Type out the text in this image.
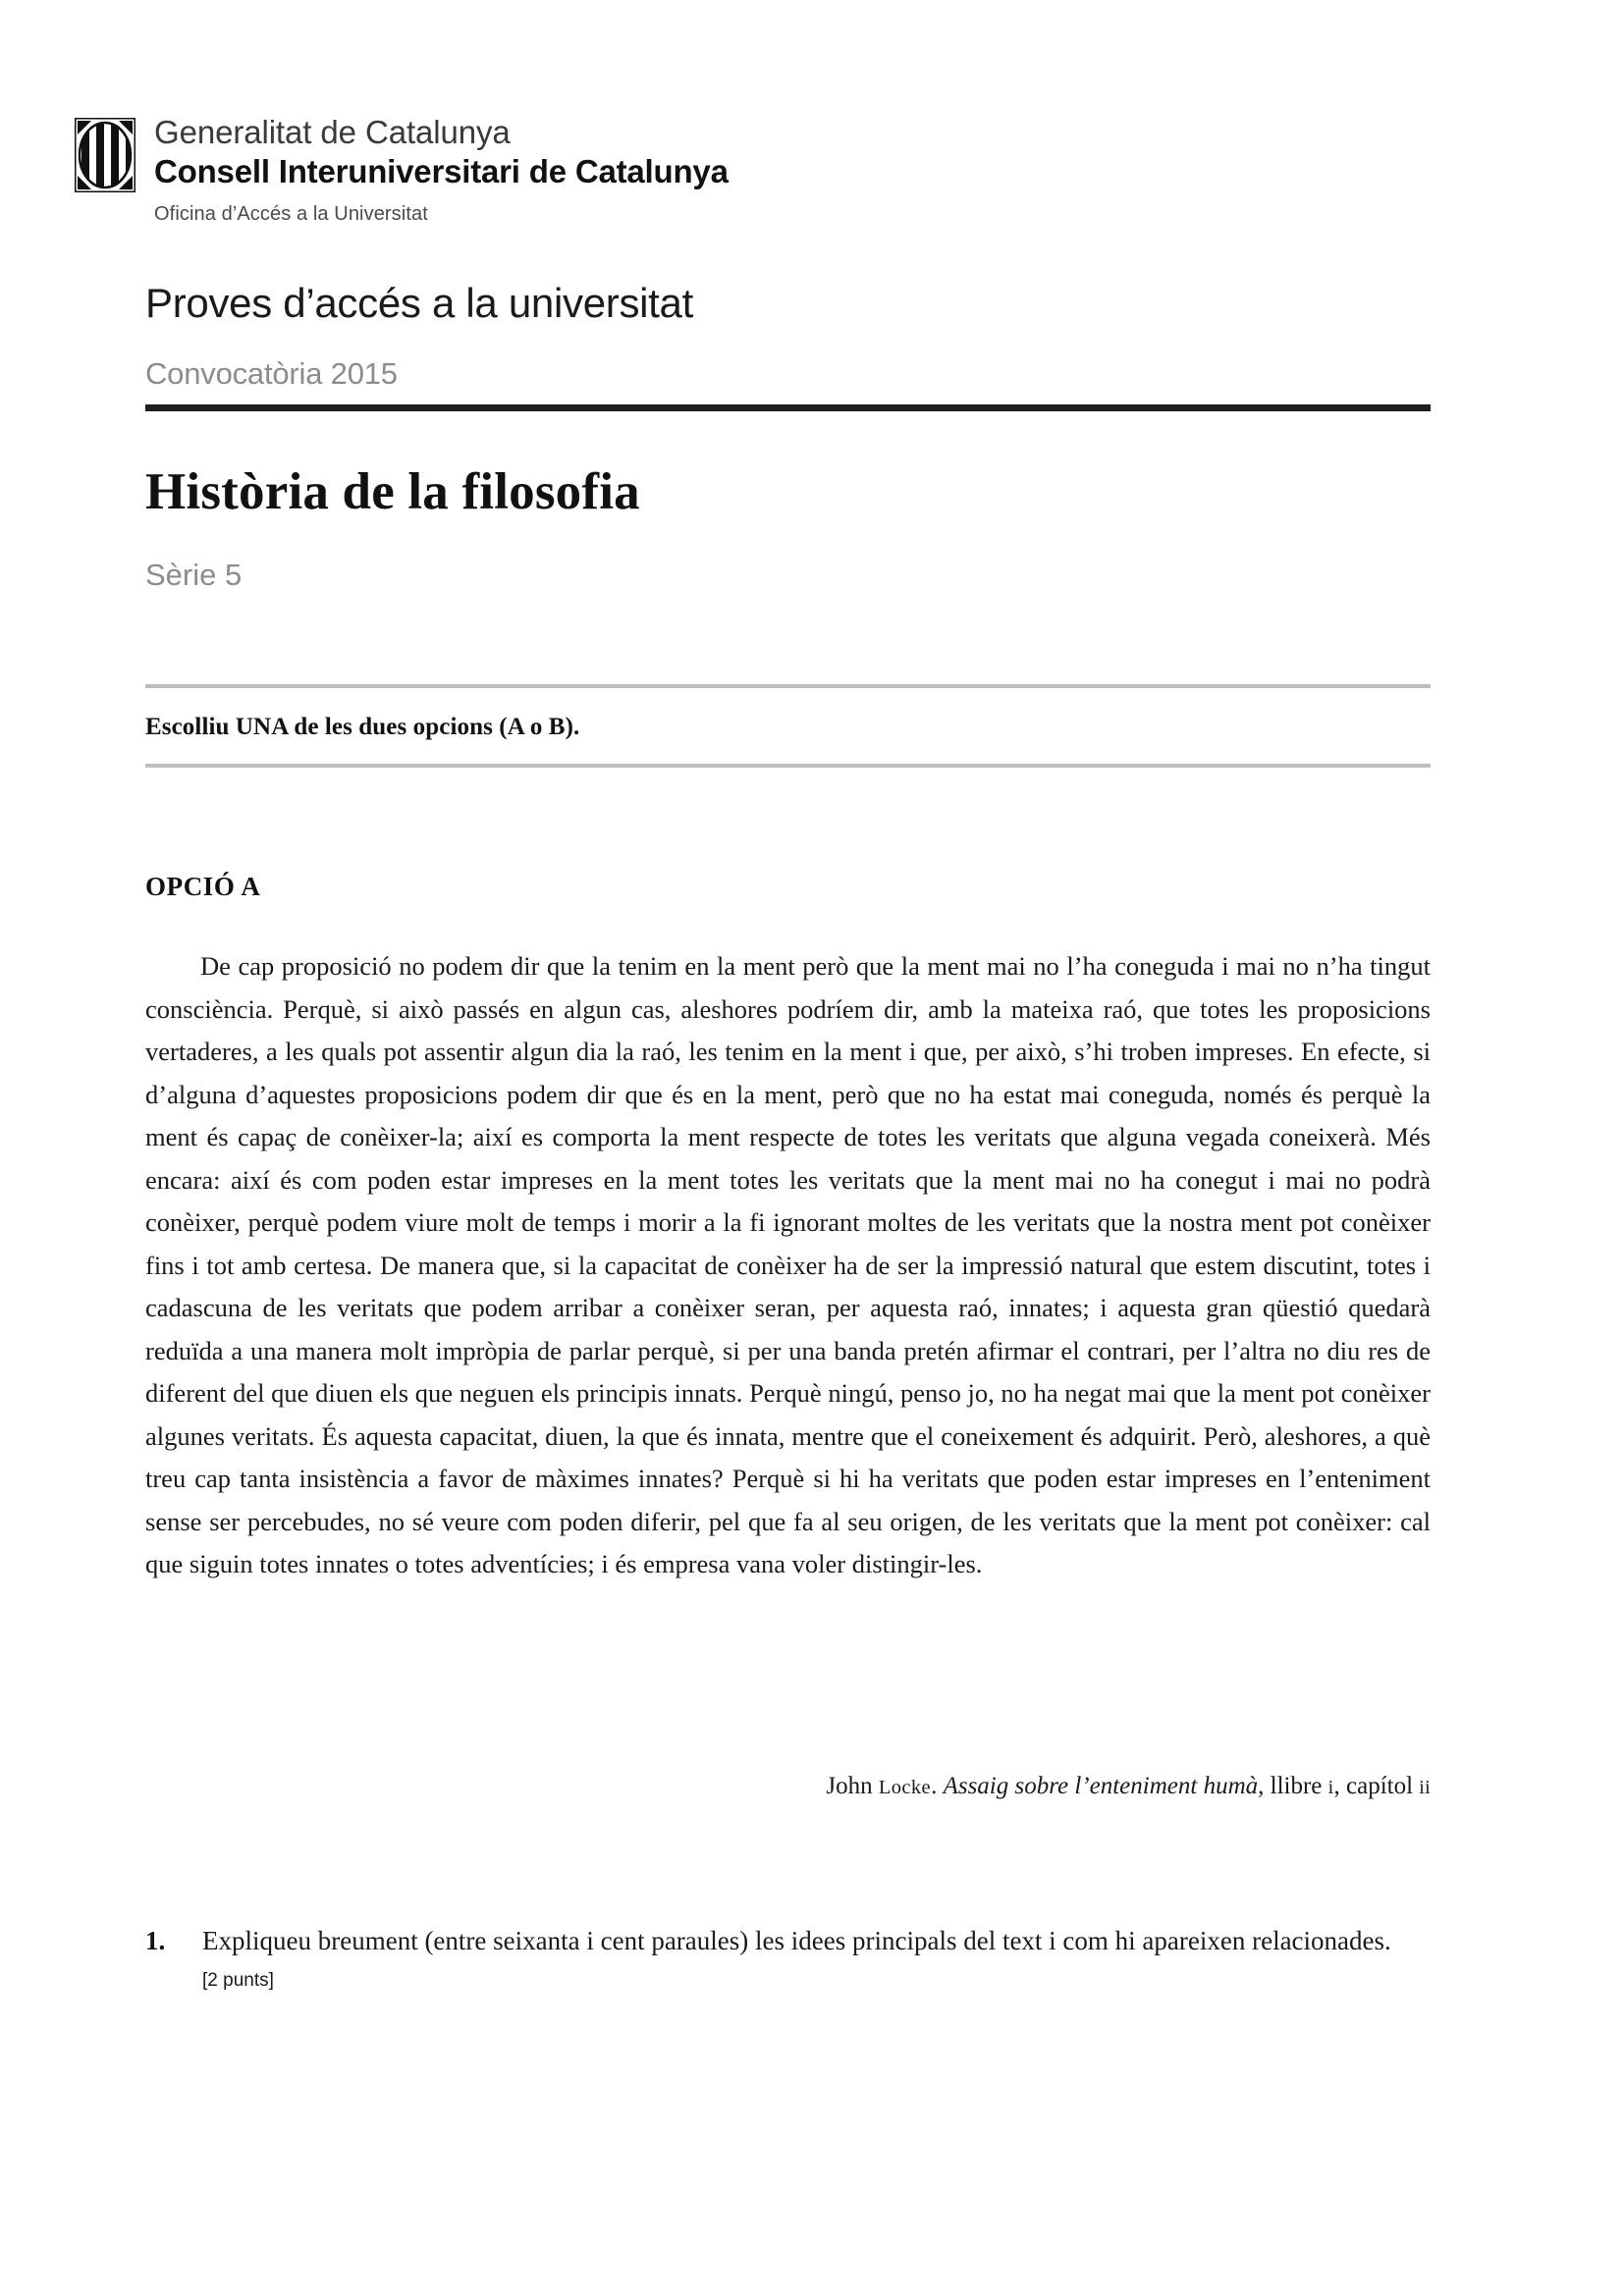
Generalitat de Catalunya
Consell Interuniversitari de Catalunya
Oficina d’Accés a la Universitat
Proves d’accés a la universitat
Convocatòria 2015
Història de la filosofia
Sèrie 5
Escolliu UNA de les dues opcions (A o B).
OPCIÓ A
De cap proposició no podem dir que la tenim en la ment però que la ment mai no l’ha coneguda i mai no n’ha tingut consciència. Perquè, si això passés en algun cas, aleshores podríem dir, amb la mateixa raó, que totes les proposicions vertaderes, a les quals pot assentir algun dia la raó, les tenim en la ment i que, per això, s’hi troben impreses. En efecte, si d’alguna d’aquestes proposicions podem dir que és en la ment, però que no ha estat mai coneguda, només és perquè la ment és capaç de conèixer-la; així es comporta la ment respecte de totes les veritats que alguna vegada coneixerà. Més encara: així és com poden estar impreses en la ment totes les veritats que la ment mai no ha conegut i mai no podrà conèixer, perquè podem viure molt de temps i morir a la fi ignorant moltes de les veritats que la nostra ment pot conèixer fins i tot amb certesa. De manera que, si la capacitat de conèixer ha de ser la impressió natural que estem discutint, totes i cadascuna de les veritats que podem arribar a conèixer seran, per aquesta raó, innates; i aquesta gran qüestió quedarà reduïda a una manera molt impròpia de parlar perquè, si per una banda pretén afirmar el contrari, per l’altra no diu res de diferent del que diuen els que neguen els principis innats. Perquè ningú, penso jo, no ha negat mai que la ment pot conèixer algunes veritats. És aquesta capacitat, diuen, la que és innata, mentre que el coneixement és adquirit. Però, aleshores, a què treu cap tanta insistència a favor de màximes innates? Perquè si hi ha veritats que poden estar impreses en l’enteniment sense ser percebudes, no sé veure com poden diferir, pel que fa al seu origen, de les veritats que la ment pot conèixer: cal que siguin totes innates o totes adventícies; i és empresa vana voler distingir-les.
John Locke. Assaig sobre l’enteniment humà, llibre i, capítol ii
1.	Expliqueu breument (entre seixanta i cent paraules) les idees principals del text i com hi apareixen relacionades.
[2 punts]
